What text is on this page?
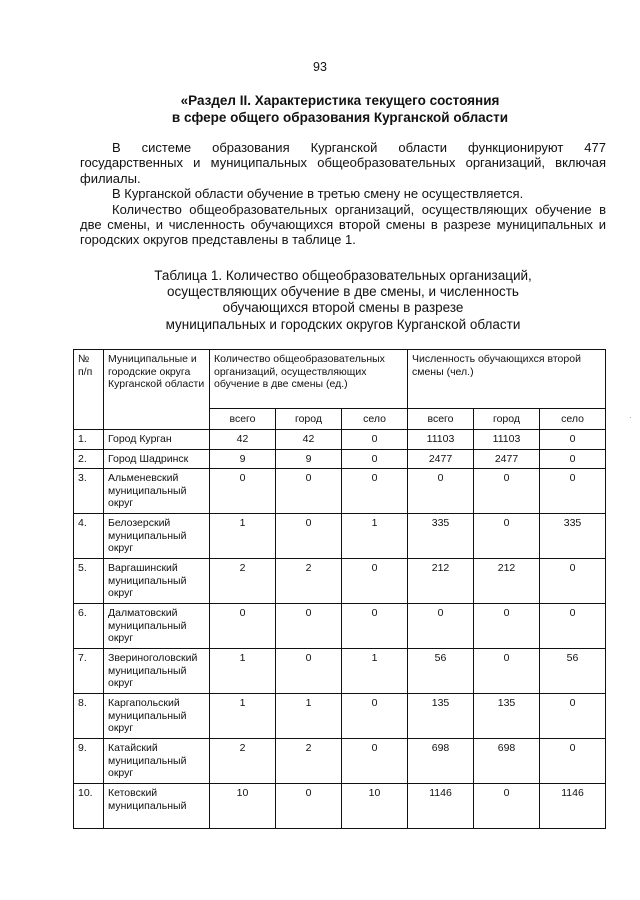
93
«Раздел II. Характеристика текущего состояния
в сфере общего образования Курганской области

В системе образования Курганской области функционируют 477 государственных и муниципальных общеобразовательных организаций, включая филиалы.

В Курганской области обучение в третью смену не осуществляется.

Количество общеобразовательных организаций, осуществляющих обучение в две смены, и численность обучающихся второй смены в разрезе муниципальных и городских округов представлены в таблице 1.

Таблица 1. Количество общеобразовательных организаций,
осуществляющих обучение в две смены, и численность
обучающихся второй смены в разрезе
муниципальных и городских округов Курганской области
№ п/п	Муниципальные и городские округа Курганской области	Количество общеобразовательных организаций, осуществляющих обучение в две смены (ед.)			Численность обучающихся второй смены (чел.)		
		всего	город	село	всего	город	село
1.	Город Курган	42	42	0	11103	11103	0
2.	Город Шадринск	9	9	0	2477	2477	0
3.	Альменевский муниципальный округ	0	0	0	0	0	0
4.	Белозерский муниципальный округ	1	0	1	335	0	335
5.	Варгашинский муниципальный округ	2	2	0	212	212	0
6.	Далматовский муниципальный округ	0	0	0	0	0	0
7.	Звериноголовский муниципальный округ	1	0	1	56	0	56
8.	Каргапольский муниципальный округ	1	1	0	135	135	0
9.	Катайский муниципальный округ	2	2	0	698	698	0
10.	Кетовский муниципальный	10	0	10	1146	0	1146
·
